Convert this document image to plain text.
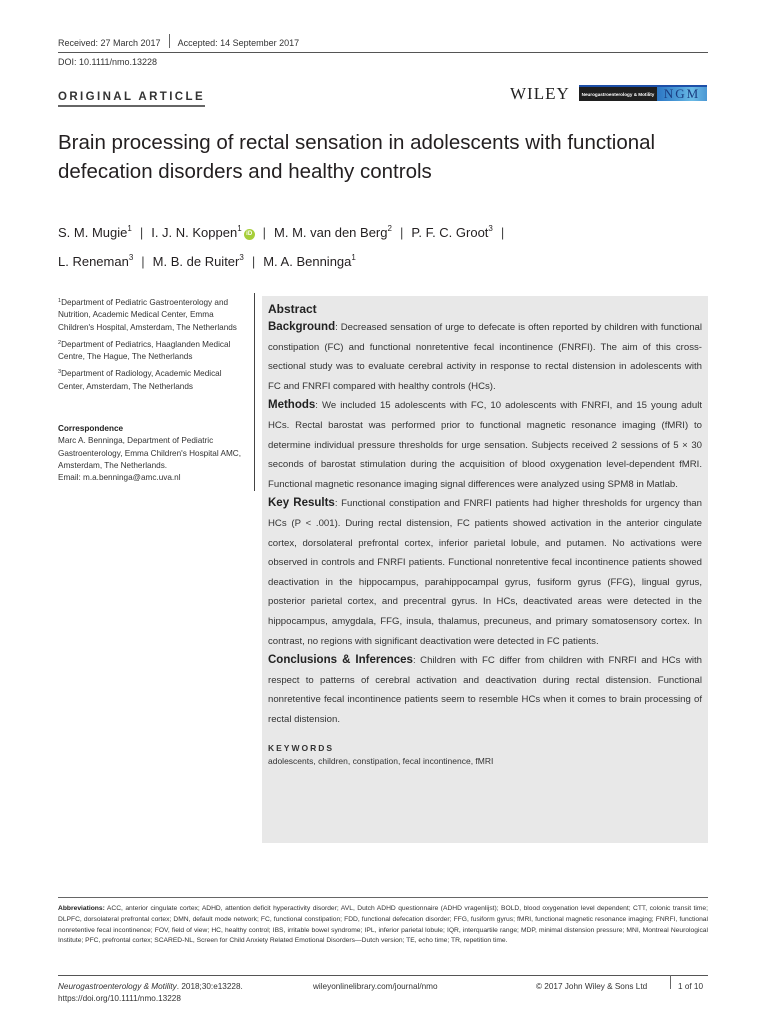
Received: 27 March 2017	Accepted: 14 September 2017
DOI: 10.1111/nmo.13228
ORIGINAL ARTICLE	WILEY	Neurogastroenterology & Motility NGM
Brain processing of rectal sensation in adolescents with functional defecation disorders and healthy controls
S. M. Mugie$^1$ | I. J. N. Koppen$^1$iD | M. M. van den Berg$^2$ | P. F. C. Groot$^3$ |
L. Reneman$^3$ | M. B. de Ruiter$^3$ | M. A. Benninga$^1$

$^1$Department of Pediatric Gastroenterology and Nutrition, Academic Medical Center, Emma Children's Hospital, Amsterdam, The Netherlands

$^2$Department of Pediatrics, Haaglanden Medical Centre, The Hague, The Netherlands

$^3$Department of Radiology, Academic Medical Center, Amsterdam, The Netherlands

Correspondence
Marc A. Benninga, Department of Pediatric Gastroenterology, Emma Children's Hospital AMC, Amsterdam, The Netherlands.
Email: m.a.benninga@amc.uva.nl
Abstract

Background: Decreased sensation of urge to defecate is often reported by children with functional constipation (FC) and functional nonretentive fecal incontinence (FNRFI). The aim of this cross-sectional study was to evaluate cerebral activity in response to rectal distension in adolescents with FC and FNRFI compared with healthy controls (HCs).

Methods: We included 15 adolescents with FC, 10 adolescents with FNRFI, and 15 young adult HCs. Rectal barostat was performed prior to functional magnetic resonance imaging (fMRI) to determine individual pressure thresholds for urge sensation. Subjects received 2 sessions of 5 × 30 seconds of barostat stimulation during the acquisition of blood oxygenation level-dependent fMRI. Functional magnetic resonance imaging signal differences were analyzed using SPM8 in Matlab.

Key Results: Functional constipation and FNRFI patients had higher thresholds for urgency than HCs (P < .001). During rectal distension, FC patients showed activation in the anterior cingulate cortex, dorsolateral prefrontal cortex, inferior parietal lobule, and putamen. No activations were observed in controls and FNRFI patients. Functional nonretentive fecal incontinence patients showed deactivation in the hippocampus, parahippocampal gyrus, fusiform gyrus (FFG), lingual gyrus, posterior parietal cortex, and precentral gyrus. In HCs, deactivated areas were detected in the hippocampus, amygdala, FFG, insula, thalamus, precuneus, and primary somatosensory cortex. In contrast, no regions with significant deactivation were detected in FC patients.

Conclusions & Inferences: Children with FC differ from children with FNRFI and HCs with respect to patterns of cerebral activation and deactivation during rectal distension. Functional nonretentive fecal incontinence patients seem to resemble HCs when it comes to brain processing of rectal distension.

KEYWORDS
adolescents, children, constipation, fecal incontinence, fMRI
Abbreviations: ACC, anterior cingulate cortex; ADHD, attention deficit hyperactivity disorder; AVL, Dutch ADHD questionnaire (ADHD vragenlijst); BOLD, blood oxygenation level dependent; CTT, colonic transit time; DLPFC, dorsolateral prefrontal cortex; DMN, default mode network; FC, functional constipation; FDD, functional defecation disorder; FFG, fusiform gyrus; fMRI, functional magnetic resonance imaging; FNRFI, functional nonretentive fecal incontinence; FOV, field of view; HC, healthy control; IBS, irritable bowel syndrome; IPL, inferior parietal lobule; IQR, interquartile range; MDP, minimal distension pressure; MNI, Montreal Neurological Institute; PFC, prefrontal cortex; SCARED-NL, Screen for Child Anxiety Related Emotional Disorders—Dutch version; TE, echo time; TR, repetition time.
Neurogastroenterology & Motility. 2018;30:e13228.
https://doi.org/10.1111/nmo.13228
wileyonlinelibrary.com/journal/nmo	© 2017 John Wiley & Sons Ltd	1 of 10
